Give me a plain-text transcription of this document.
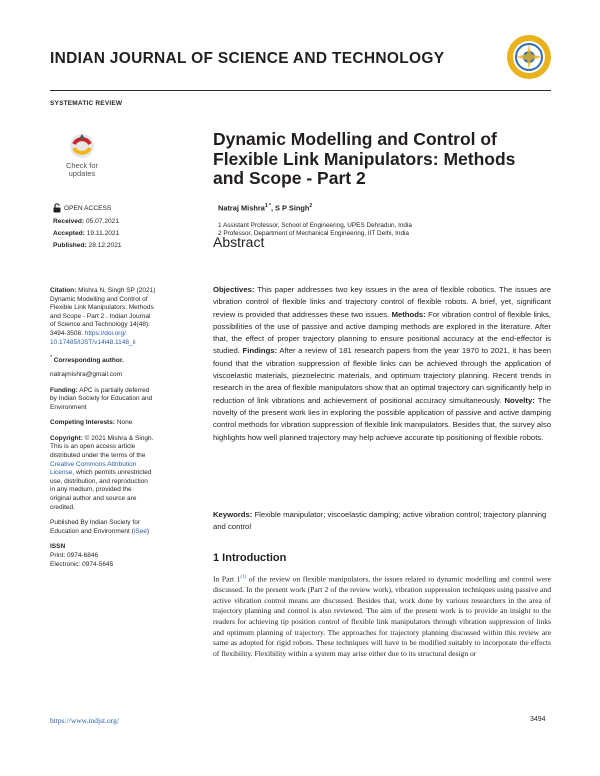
INDIAN JOURNAL OF SCIENCE AND TECHNOLOGY
SYSTEMATIC REVIEW
Check for
updates
OPEN ACCESS
Received: 05.07.2021
Accepted: 19.11.2021
Published: 28.12.2021
Dynamic Modelling and Control of
Flexible Link Manipulators: Methods
and Scope - Part 2
Natraj Mishra$^{1 *}$, S P Singh$^2$
1 Assistant Professor, School of Engineering, UPES Dehradun, India
2 Professor, Department of Mechanical Engineering, IIT Delhi, India
Abstract
Objectives: This paper addresses two key issues in the area of flexible robotics. The issues are vibration control of flexible links and trajectory control of flexible robots. A brief, yet, significant review is provided that addresses these two issues. Methods: For vibration control of flexible links, possibilities of the use of passive and active damping methods are explored in the literature. After that, the effect of proper trajectory planning to ensure positional accuracy at the end-effector is studied. Findings: After a review of 181 research papers from the year 1970 to 2021, it has been found that the vibration suppression of flexible links can be achieved through the application of viscoelastic materials, piezoelectric materials, and optimum trajectory planning. Recent trends in research in the area of flexible manipulators show that an optimal trajectory can significantly help in reduction of link vibrations and achievement of positional accuracy simultaneously. Novelty: The novelty of the present work lies in exploring the possible application of passive and active damping control methods for vibration suppression of flexible link manipulators. Besides that, the survey also highlights how well planned trajectory may help achieve accurate tip positioning of flexible robots.
Keywords: Flexible manipulator; viscoelastic damping; active vibration control; trajectory planning and control

Citation: Mishra N, Singh SP (2021)
Dynamic Modelling and Control of
Flexible Link Manipulators: Methods
and Scope - Part 2 . Indian Journal
of Science and Technology 14(48):
3494-3508. https://doi.org/
10.17485/IJST/v14i48.1148_ii

* Corresponding author.
natrajmishra@gmail.com

Funding: APC is partially deferred
by Indian Society for Education and
Environment

Competing Interests: None

Copyright: © 2021 Mishra & Singh.
This is an open access article
distributed under the terms of the
Creative Commons Attribution
License, which permits unrestricted
use, distribution, and reproduction
in any medium, provided the
original author and source are
credited.

Published By Indian Society for
Education and Environment (iSee)

ISSN
Print: 0974-6846
Electronic: 0974-5645

1 Introduction
In Part 1$^{(1)}$ of the review on flexible manipulators, the issues related to dynamic modelling and control were discussed. In the present work (Part 2 of the review work), vibration suppression techniques using passive and active vibration control means are discussed. Besides that, work done by various researchers in the area of trajectory planning and control is also reviewed. The aim of the present work is to provide an insight to the readers for achieving tip position control of flexible link manipulators through vibration suppression of links and optimum planning of trajectory. The approaches for trajectory planning discussed within this review are same as adopted for rigid robots. These techniques will have to be modified suitably to incorporate the effects of flexibility. Flexibility within a system may arise either due to its structural design or
https://www.indjst.org/	3494
